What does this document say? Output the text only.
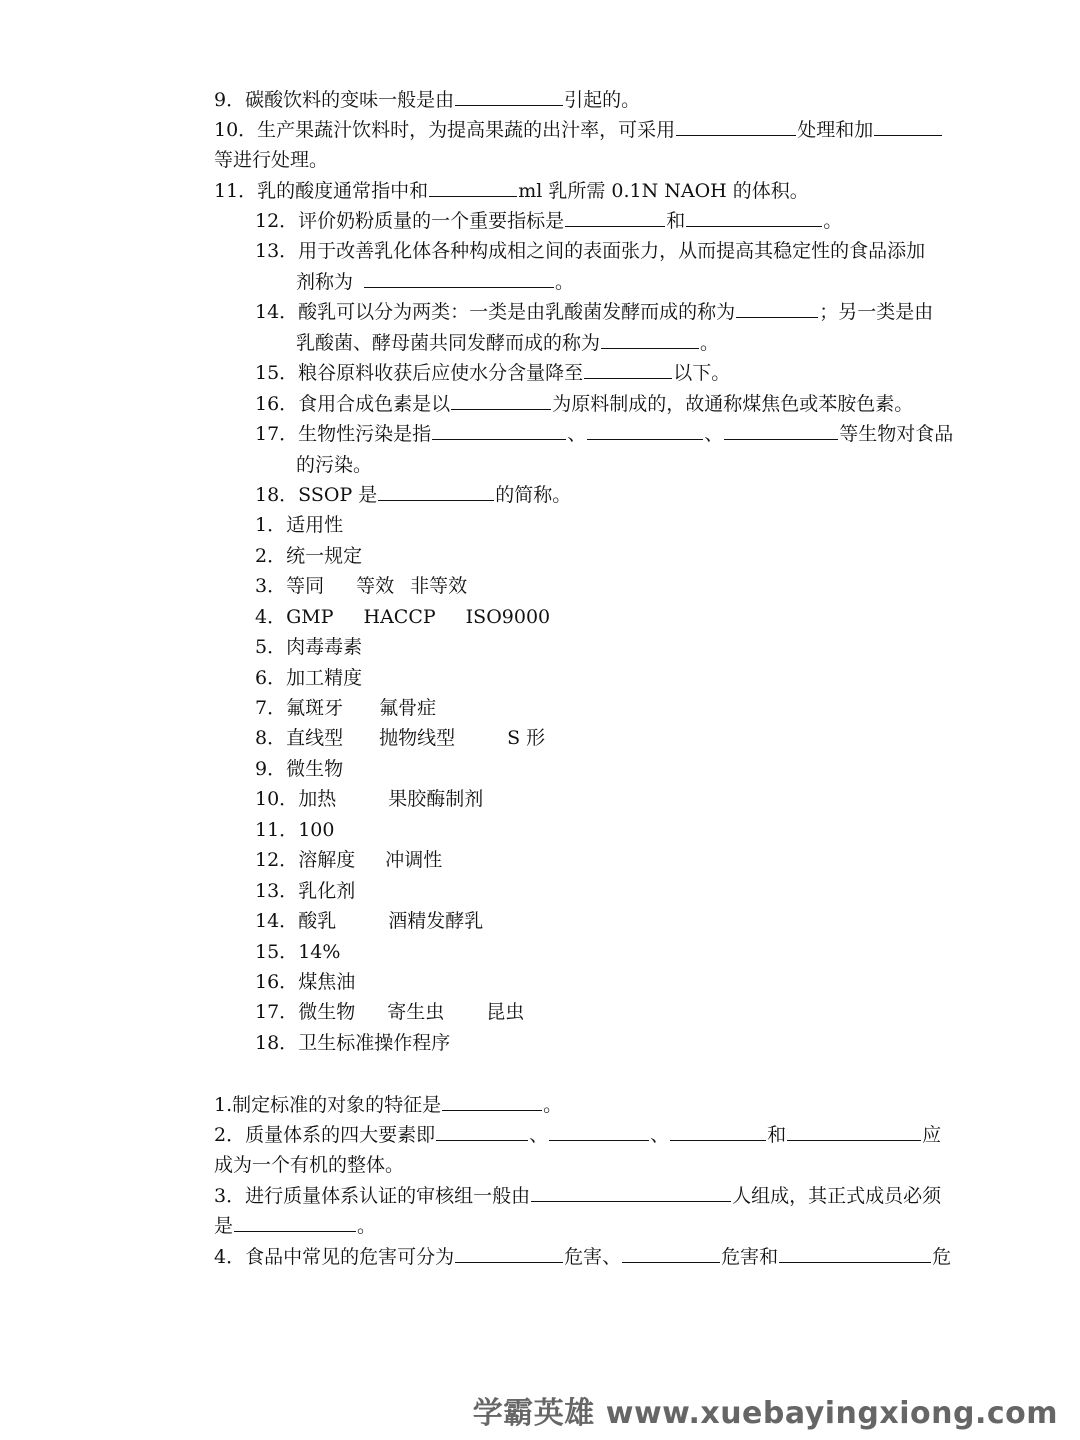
9．碳酸饮料的变味一般是由	引起的。
10．生产果蔬汁饮料时，为提高果蔬的出汁率，可采用	处理和加
等进行处理。
11．乳的酸度通常指中和	ml 乳所需 0.1N NAOH 的体积。
12．评价奶粉质量的一个重要指标是	和	。
13．用于改善乳化体各种构成相之间的表面张力，从而提高其稳定性的食品添加
剂称为	。
14．酸乳可以分为两类：一类是由乳酸菌发酵而成的称为	；另一类是由
乳酸菌、酵母菌共同发酵而成的称为	。
15．粮谷原料收获后应使水分含量降至	以下。
16．食用合成色素是以	为原料制成的，故通称煤焦色或苯胺色素。
17．生物性污染是指	、	、	等生物对食品
的污染。
18．SSOP 是	的简称。
1．适用性
2．统一规定
3．等同 等效 非等效
4．GMP HACCP ISO9000
5．肉毒毒素
6．加工精度
7．氟斑牙 氟骨症
8．直线型 抛物线型	S 形
9．微生物
10．加热	果胶酶制剂
11．100
12．溶解度 冲调性
13．乳化剂
14．酸乳	酒精发酵乳
15．14%
16．煤焦油
17．微生物 寄生虫 昆虫
18．卫生标准操作程序
1.制定标准的对象的特征是	。
2．质量体系的四大要素即	、	、	和	应
成为一个有机的整体。
3．进行质量体系认证的审核组一般由	人组成，其正式成员必须
是	。
4．食品中常见的危害可分为	危害、	危害和	危
学霸英雄 www.xuebayingxiong.com
